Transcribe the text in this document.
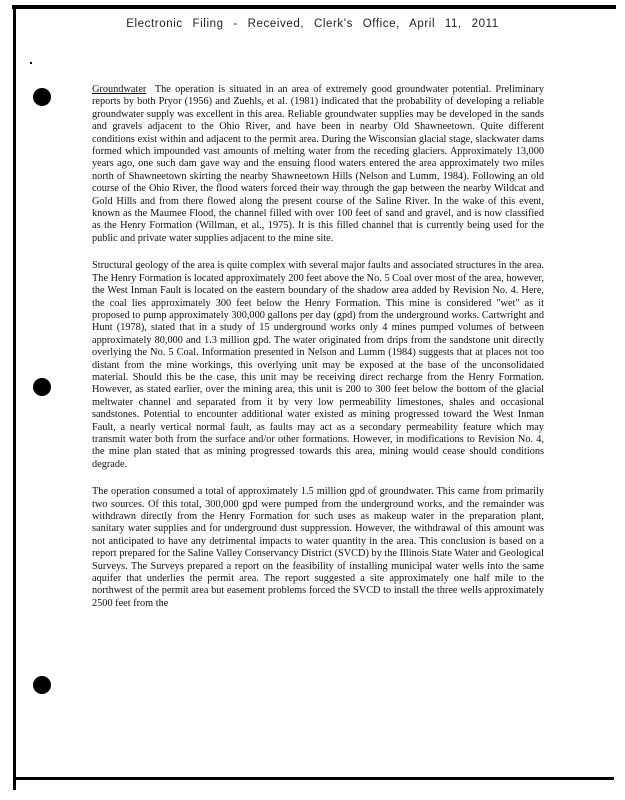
Electronic Filing - Received, Clerk's Office, April 11, 2011

Groundwater The operation is situated in an area of extremely good groundwater potential. Preliminary reports by both Pryor (1956) and Zuehls, et al. (1981) indicated that the probability of developing a reliable groundwater supply was excellent in this area. Reliable groundwater supplies may be developed in the sands and gravels adjacent to the Ohio River, and have been in nearby Old Shawneetown. Quite different conditions exist within and adjacent to the permit area. During the Wisconsian glacial stage, slackwater dams formed which impounded vast amounts of melting water from the receding glaciers. Approximately 13,000 years ago, one such dam gave way and the ensuing flood waters entered the area approximately two miles north of Shawneetown skirting the nearby Shawneetown Hills (Nelson and Lumm, 1984). Following an old course of the Ohio River, the flood waters forced their way through the gap between the nearby Wildcat and Gold Hills and from there flowed along the present course of the Saline River. In the wake of this event, known as the Maumee Flood, the channel filled with over 100 feet of sand and gravel, and is now classified as the Henry Formation (Willman, et al., 1975). It is this filled channel that is currently being used for the public and private water supplies adjacent to the mine site.

Structural geology of the area is quite complex with several major faults and associated structures in the area. The Henry Formation is located approximately 200 feet above the No. 5 Coal over most of the area, however, the West Inman Fault is located on the eastern boundary of the shadow area added by Revision No. 4. Here, the coal lies approximately 300 feet below the Henry Formation. This mine is considered "wet" as it proposed to pump approximately 300,000 gallons per day (gpd) from the underground works. Cartwright and Hunt (1978), stated that in a study of 15 underground works only 4 mines pumped volumes of between approximately 80,000 and 1.3 million gpd. The water originated from drips from the sandstone unit directly overlying the No. 5 Coal. Information presented in Nelson and Lumm (1984) suggests that at places not too distant from the mine workings, this overlying unit may be exposed at the base of the unconsolidated material. Should this be the case, this unit may be receiving direct recharge from the Henry Formation. However, as stated earlier, over the mining area, this unit is 200 to 300 feet below the bottom of the glacial meltwater channel and separated from it by very low permeability limestones, shales and occasional sandstones. Potential to encounter additional water existed as mining progressed toward the West Inman Fault, a nearly vertical normal fault, as faults may act as a secondary permeability feature which may transmit water both from the surface and/or other formations. However, in modifications to Revision No. 4, the mine plan stated that as mining progressed towards this area, mining would cease should conditions degrade.

The operation consumed a total of approximately 1.5 million gpd of groundwater. This came from primarily two sources. Of this total, 300,000 gpd were pumped from the underground works, and the remainder was withdrawn directly from the Henry Formation for such uses as makeup water in the preparation plant, sanitary water supplies and for underground dust suppression. However, the withdrawal of this amount was not anticipated to have any detrimental impacts to water quantity in the area. This conclusion is based on a report prepared for the Saline Valley Conservancy District (SVCD) by the Illinois State Water and Geological Surveys. The Surveys prepared a report on the feasibility of installing municipal water wells into the same aquifer that underlies the permit area. The report suggested a site approximately one half mile to the northwest of the permit area but easement problems forced the SVCD to install the three wells approximately 2500 feet from the
